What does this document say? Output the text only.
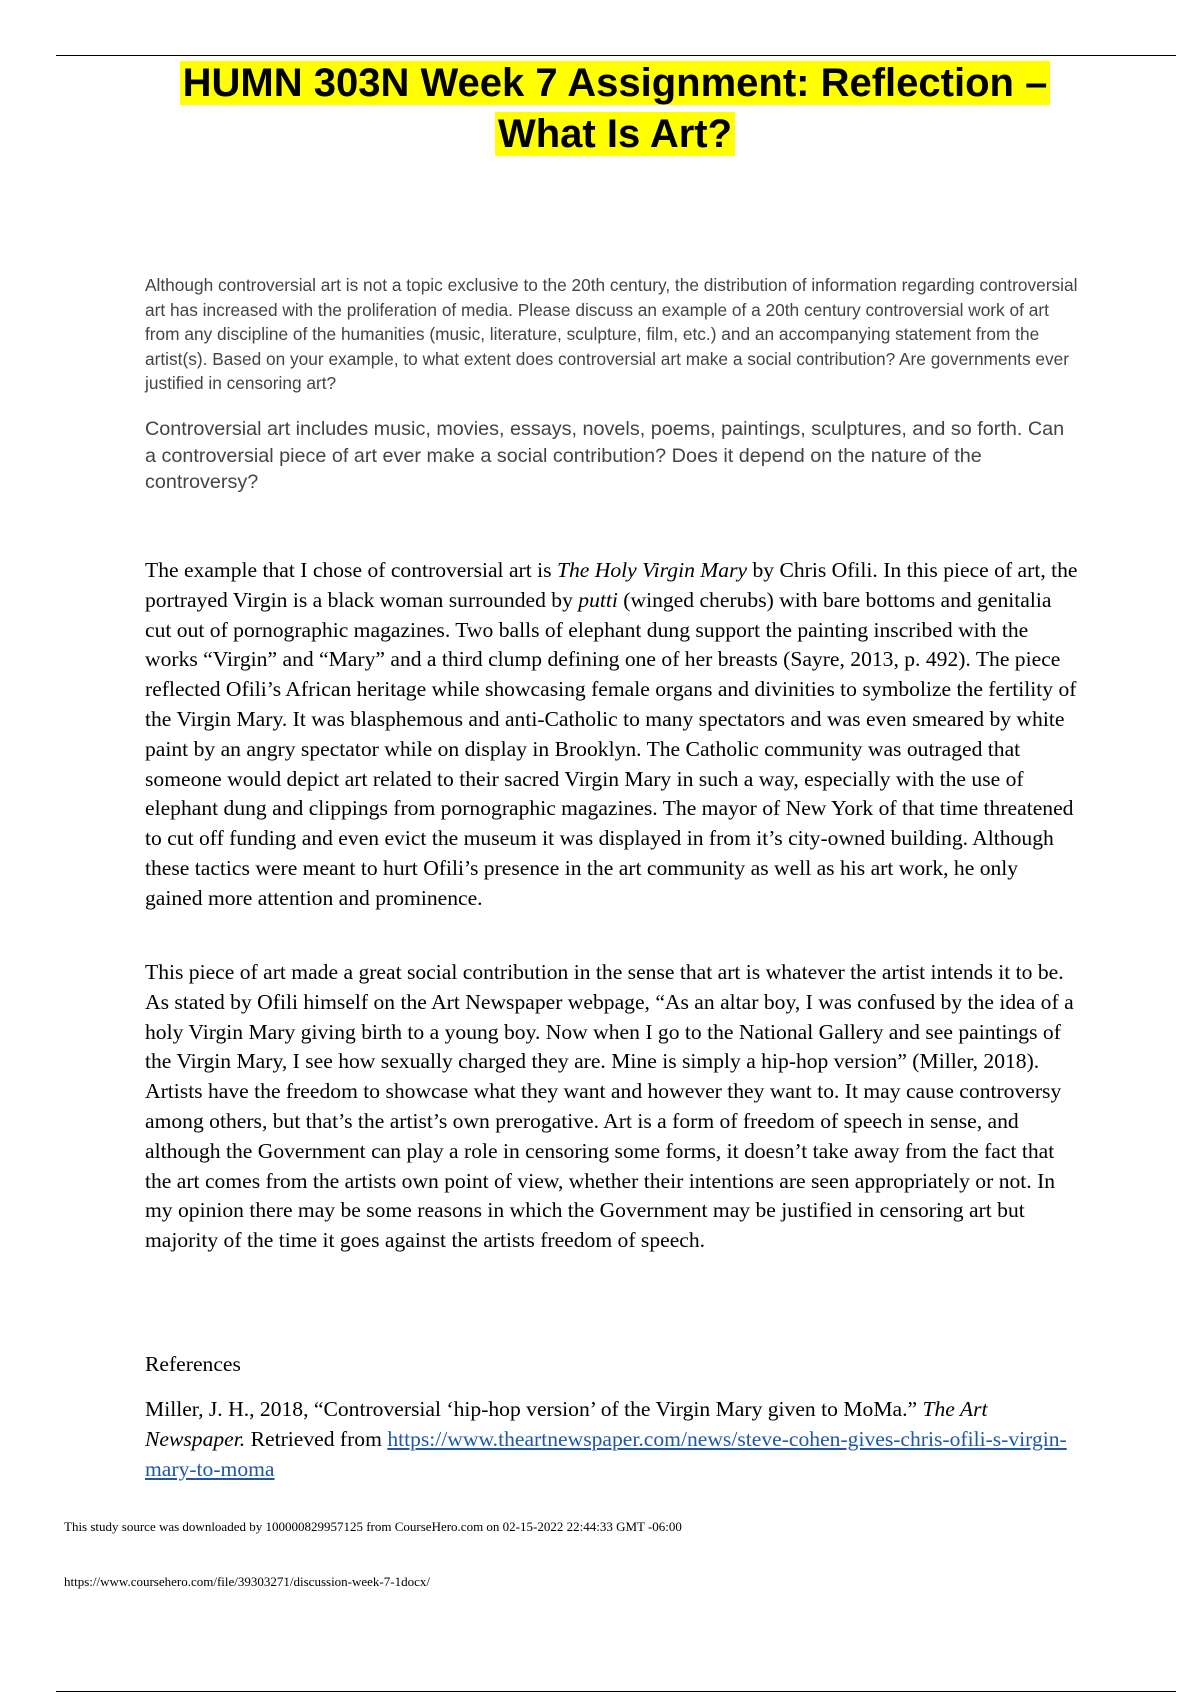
HUMN 303N Week 7 Assignment: Reflection –
What Is Art?

Although controversial art is not a topic exclusive to the 20th century, the distribution of information regarding controversial art has increased with the proliferation of media. Please discuss an example of a 20th century controversial work of art from any discipline of the humanities (music, literature, sculpture, film, etc.) and an accompanying statement from the artist(s). Based on your example, to what extent does controversial art make a social contribution? Are governments ever justified in censoring art?

Controversial art includes music, movies, essays, novels, poems, paintings, sculptures, and so forth. Can a controversial piece of art ever make a social contribution? Does it depend on the nature of the controversy?

The example that I chose of controversial art is The Holy Virgin Mary by Chris Ofili. In this piece of art, the portrayed Virgin is a black woman surrounded by putti (winged cherubs) with bare bottoms and genitalia cut out of pornographic magazines. Two balls of elephant dung support the painting inscribed with the works “Virgin” and “Mary” and a third clump defining one of her breasts (Sayre, 2013, p. 492). The piece reflected Ofili’s African heritage while showcasing female organs and divinities to symbolize the fertility of the Virgin Mary. It was blasphemous and anti-Catholic to many spectators and was even smeared by white paint by an angry spectator while on display in Brooklyn. The Catholic community was outraged that someone would depict art related to their sacred Virgin Mary in such a way, especially with the use of elephant dung and clippings from pornographic magazines. The mayor of New York of that time threatened to cut off funding and even evict the museum it was displayed in from it’s city-owned building. Although these tactics were meant to hurt Ofili’s presence in the art community as well as his art work, he only gained more attention and prominence.

This piece of art made a great social contribution in the sense that art is whatever the artist intends it to be. As stated by Ofili himself on the Art Newspaper webpage, “As an altar boy, I was confused by the idea of a holy Virgin Mary giving birth to a young boy. Now when I go to the National Gallery and see paintings of the Virgin Mary, I see how sexually charged they are. Mine is simply a hip-hop version” (Miller, 2018). Artists have the freedom to showcase what they want and however they want to. It may cause controversy among others, but that’s the artist’s own prerogative. Art is a form of freedom of speech in sense, and although the Government can play a role in censoring some forms, it doesn’t take away from the fact that the art comes from the artists own point of view, whether their intentions are seen appropriately or not. In my opinion there may be some reasons in which the Government may be justified in censoring art but majority of the time it goes against the artists freedom of speech.

References

Miller, J. H., 2018, “Controversial ‘hip-hop version’ of the Virgin Mary given to MoMa.” The Art Newspaper. Retrieved from https://www.theartnewspaper.com/news/steve-cohen-gives-chris-ofili-s-virgin-mary-to-moma

This study source was downloaded by 100000829957125 from CourseHero.com on 02-15-2022 22:44:33 GMT -06:00

https://www.coursehero.com/file/39303271/discussion-week-7-1docx/
